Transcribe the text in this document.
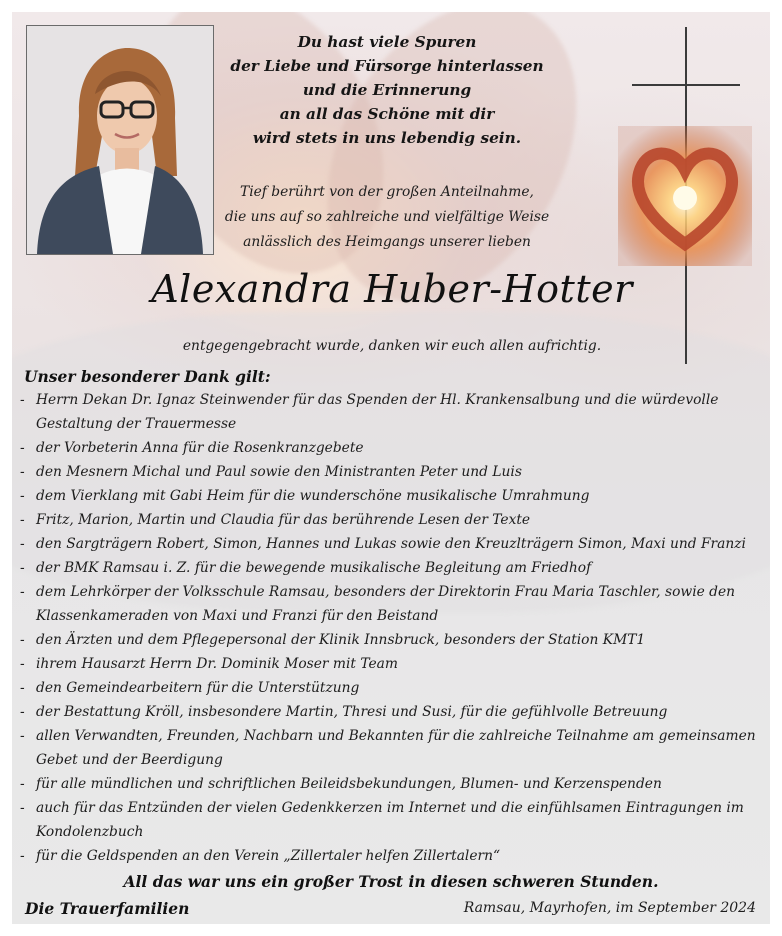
Du hast viele Spuren
der Liebe und Fürsorge hinterlassen
und die Erinnerung
an all das Schöne mit dir
wird stets in uns lebendig sein.
Tief berührt von der großen Anteilnahme,
die uns auf so zahlreiche und vielfältige Weise
anlässlich des Heimgangs unserer lieben
Alexandra Huber-Hotter
entgegengebracht wurde, danken wir euch allen aufrichtig.
Unser besonderer Dank gilt:
- Herrn Dekan Dr. Ignaz Steinwender für das Spenden der Hl. Krankensalbung und die würdevolle Gestaltung der Trauermesse
- der Vorbeterin Anna für die Rosenkranzgebete
- den Mesnern Michal und Paul sowie den Ministranten Peter und Luis
- dem Vierklang mit Gabi Heim für die wunderschöne musikalische Umrahmung
- Fritz, Marion, Martin und Claudia für das berührende Lesen der Texte
- den Sargträgern Robert, Simon, Hannes und Lukas sowie den Kreuzlträgern Simon, Maxi und Franzi
- der BMK Ramsau i. Z. für die bewegende musikalische Begleitung am Friedhof
- dem Lehrkörper der Volksschule Ramsau, besonders der Direktorin Frau Maria Taschler, sowie den Klassenkameraden von Maxi und Franzi für den Beistand
- den Ärzten und dem Pflegepersonal der Klinik Innsbruck, besonders der Station KMT1
- ihrem Hausarzt Herrn Dr. Dominik Moser mit Team
- den Gemeindearbeitern für die Unterstützung
- der Bestattung Kröll, insbesondere Martin, Thresi und Susi, für die gefühlvolle Betreuung
- allen Verwandten, Freunden, Nachbarn und Bekannten für die zahlreiche Teilnahme am gemeinsamen Gebet und der Beerdigung
- für alle mündlichen und schriftlichen Beileidsbekundungen, Blumen- und Kerzenspenden
- auch für das Entzünden der vielen Gedenkkerzen im Internet und die einfühlsamen Eintragungen im Kondolenzbuch
- für die Geldspenden an den Verein „Zillertaler helfen Zillertalern“
All das war uns ein großer Trost in diesen schweren Stunden.
Die Trauerfamilien	Ramsau, Mayrhofen, im September 2024
